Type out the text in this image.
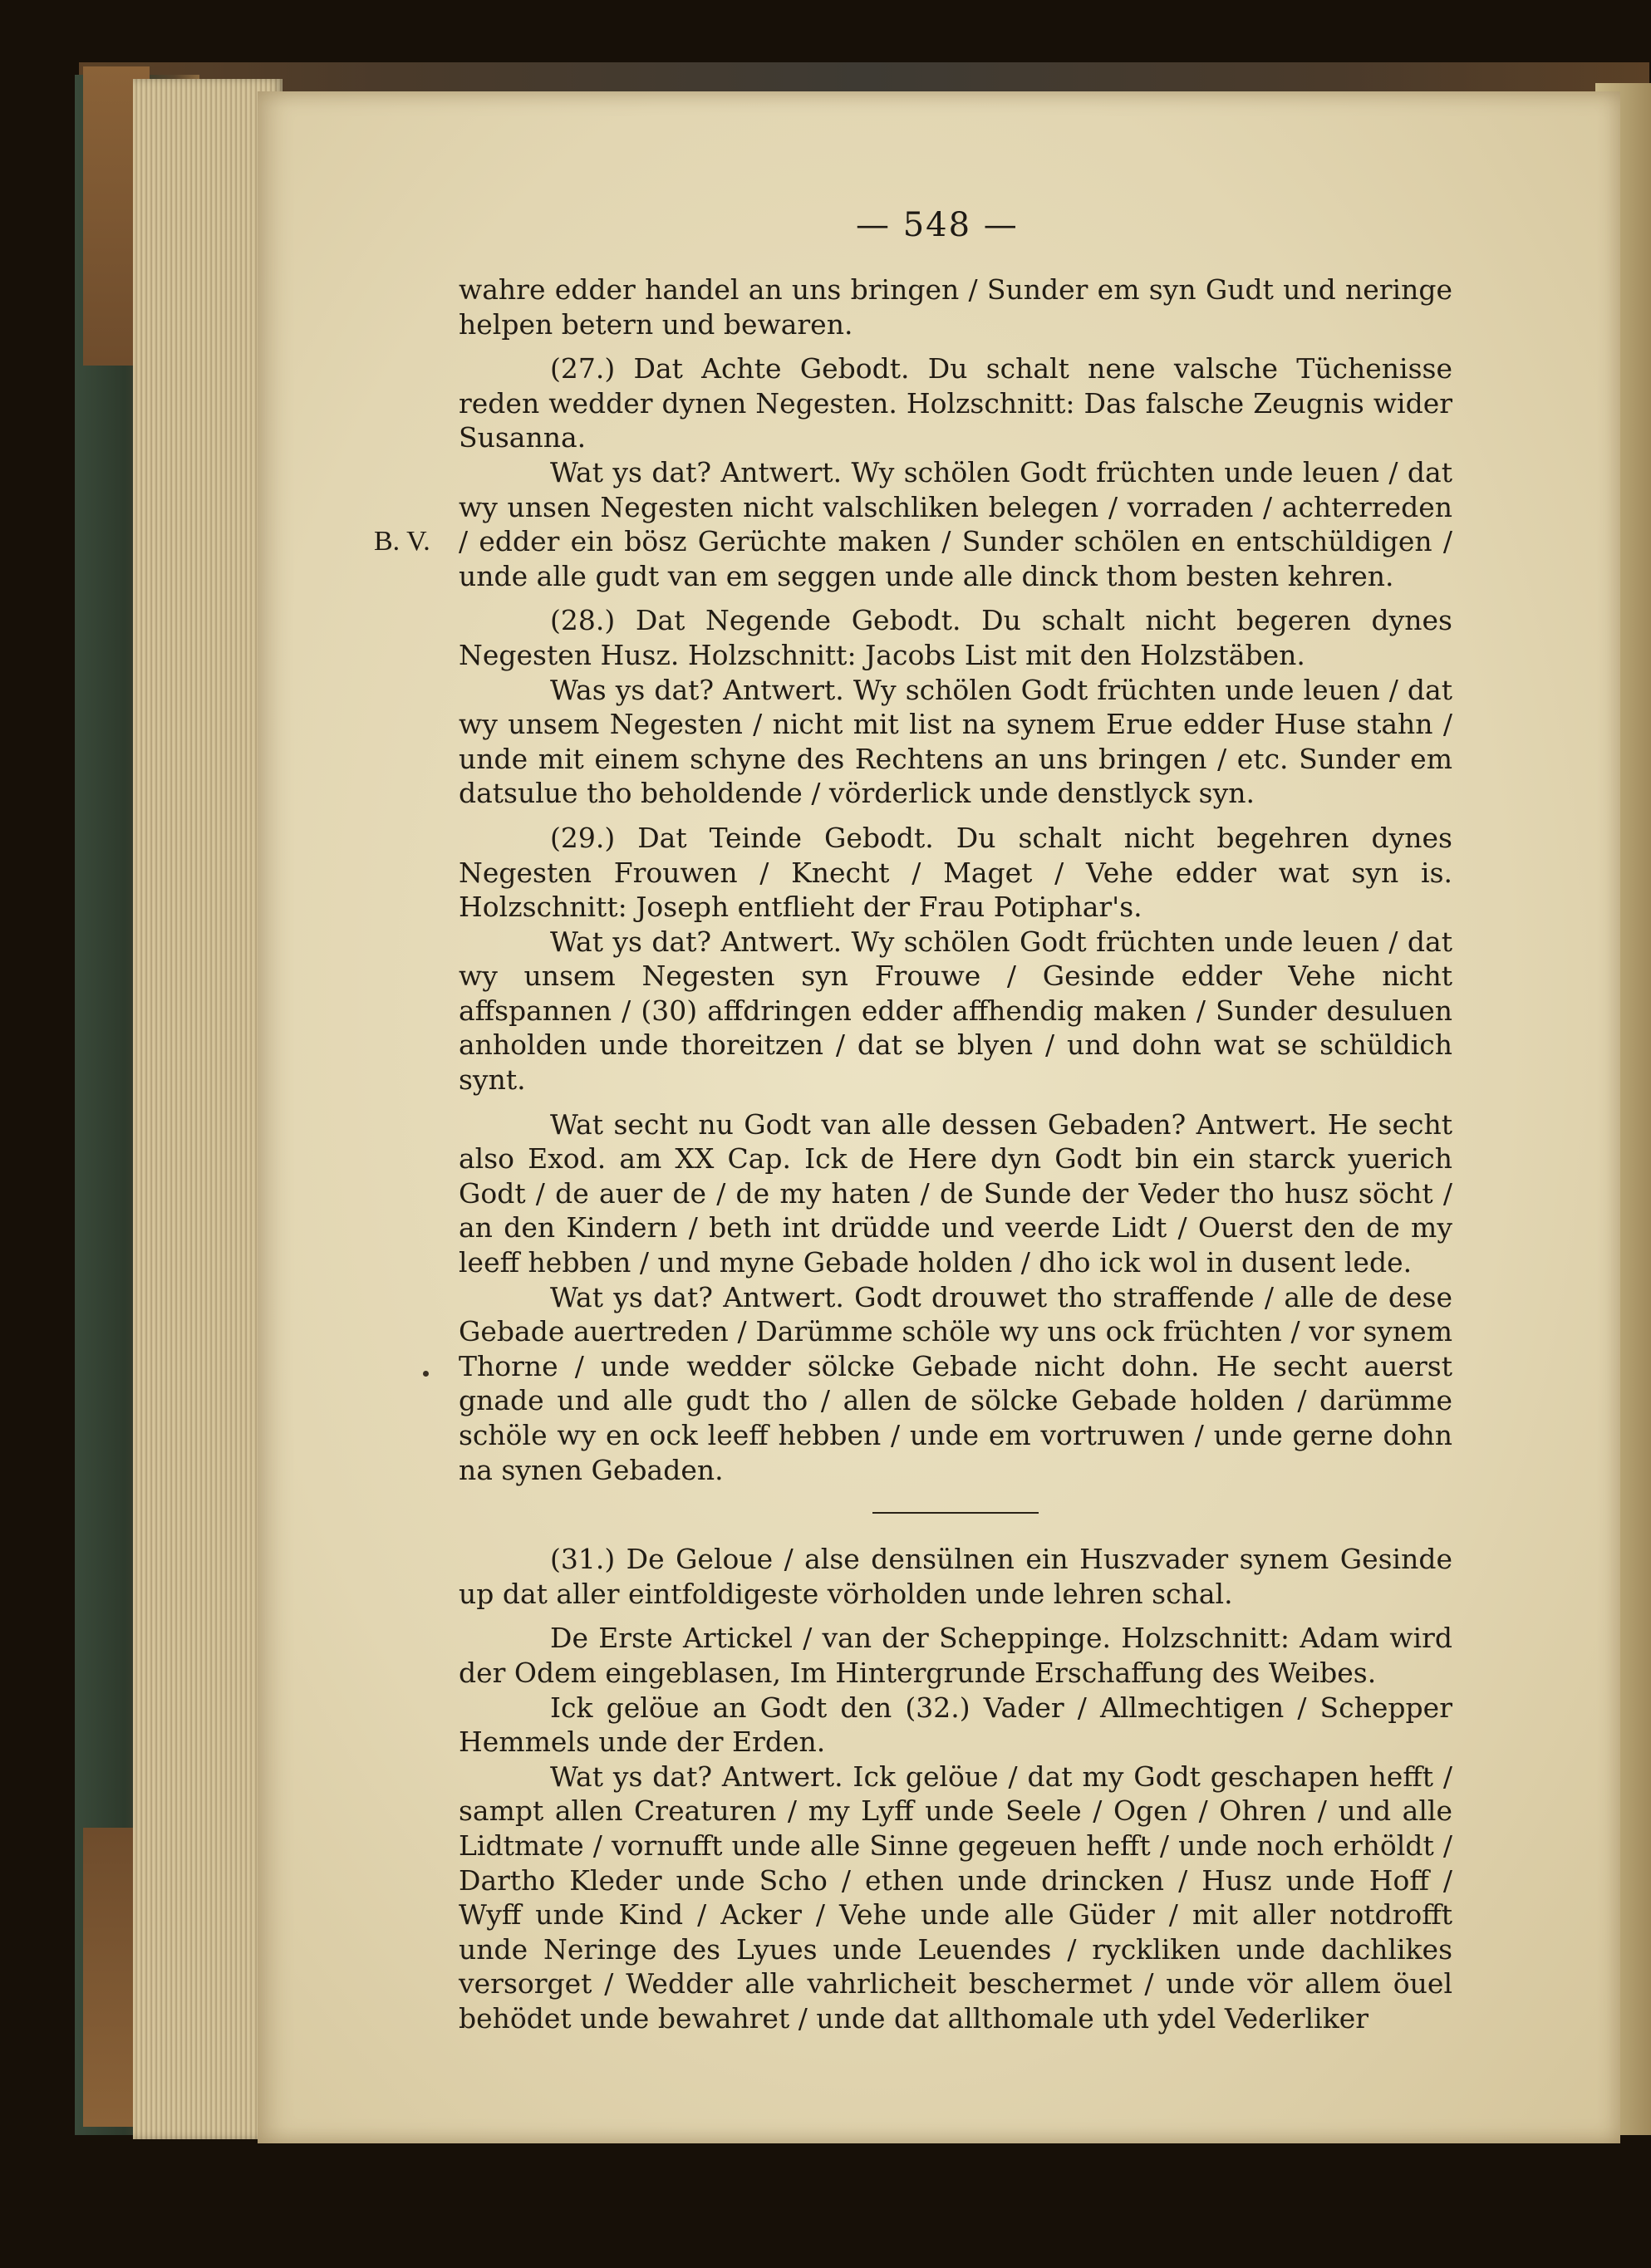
— 548 —
B. V.

wahre edder handel an uns bringen / Sunder em syn Gudt und neringe helpen betern und bewaren.

(27.) Dat Achte Gebodt. Du schalt nene valsche Tüchenisse reden wedder dynen Negesten. Holzschnitt: Das falsche Zeugnis wider Susanna.

Wat ys dat? Antwert. Wy schölen Godt früchten unde leuen / dat wy unsen Negesten nicht valschliken belegen / vorraden / achterreden / edder ein bösz Gerüchte maken / Sunder schölen en entschüldigen / unde alle gudt van em seggen unde alle dinck thom besten kehren.

(28.) Dat Negende Gebodt. Du schalt nicht begeren dynes Negesten Husz. Holzschnitt: Jacobs List mit den Holzstäben.

Was ys dat? Antwert. Wy schölen Godt früchten unde leuen / dat wy unsem Negesten / nicht mit list na synem Erue edder Huse stahn / unde mit einem schyne des Rechtens an uns bringen / etc. Sunder em datsulue tho beholdende / vörderlick unde denstlyck syn.

(29.) Dat Teinde Gebodt. Du schalt nicht begehren dynes Negesten Frouwen / Knecht / Maget / Vehe edder wat syn is. Holzschnitt: Joseph entflieht der Frau Potiphar's.

Wat ys dat? Antwert. Wy schölen Godt früchten unde leuen / dat wy unsem Negesten syn Frouwe / Gesinde edder Vehe nicht affspannen / (30) affdringen edder affhendig maken / Sunder desuluen anholden unde thoreitzen / dat se blyen / und dohn wat se schüldich synt.

Wat secht nu Godt van alle dessen Gebaden? Antwert. He secht also Exod. am XX Cap. Ick de Here dyn Godt bin ein starck yuerich Godt / de auer de / de my haten / de Sunde der Veder tho husz söcht / an den Kindern / beth int drüdde und veerde Lidt / Ouerst den de my leeff hebben / und myne Gebade holden / dho ick wol in dusent lede.

Wat ys dat? Antwert. Godt drouwet tho straffende / alle de dese Gebade auertreden / Darümme schöle wy uns ock früchten / vor synem Thorne / unde wedder sölcke Gebade nicht dohn. He secht auerst gnade und alle gudt tho / allen de sölcke Gebade holden / darümme schöle wy en ock leeff hebben / unde em vortruwen / unde gerne dohn na synen Gebaden.

(31.) De Geloue / alse densülnen ein Huszvader synem Gesinde up dat aller eintfoldigeste vörholden unde lehren schal.

De Erste Artickel / van der Scheppinge. Holzschnitt: Adam wird der Odem eingeblasen, Im Hintergrunde Erschaffung des Weibes.

Ick gelöue an Godt den (32.) Vader / Allmechtigen / Schepper Hemmels unde der Erden.

Wat ys dat? Antwert. Ick gelöue / dat my Godt geschapen hefft / sampt allen Creaturen / my Lyff unde Seele / Ogen / Ohren / und alle Lidtmate / vornufft unde alle Sinne gegeuen hefft / unde noch erhöldt / Dartho Kleder unde Scho / ethen unde drincken / Husz unde Hoff / Wyff unde Kind / Acker / Vehe unde alle Güder / mit aller notdrofft unde Neringe des Lyues unde Leuendes / ryckliken unde dachlikes versorget / Wedder alle vahrlicheit beschermet / unde vör allem öuel behödet unde bewahret / unde dat allthomale uth ydel Vederliker
